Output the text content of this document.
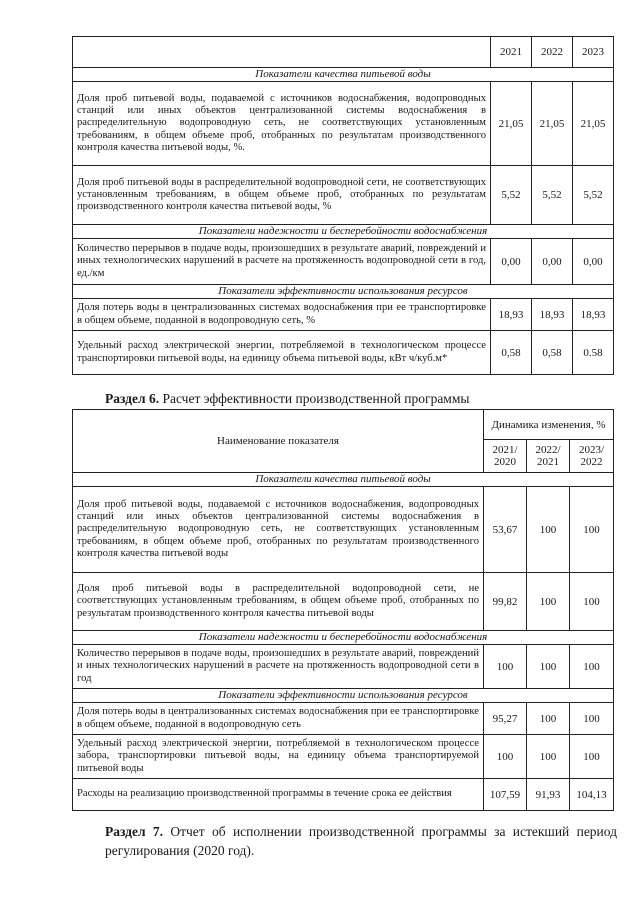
	2021	2022	2023
Показатели качества питьевой воды			
Доля проб питьевой воды, подаваемой с источников водоснабжения, водопроводных станций или иных объектов централизованной системы водоснабжения в распределительную водопроводную сеть, не соответствующих установленным требованиям, в общем объеме проб, отобранных по результатам производственного контроля качества питьевой воды, %.	21,05	21,05	21,05
Доля проб питьевой воды в распределительной водопроводной сети, не соответствующих установленным требованиям, в общем объеме проб, отобранных по результатам производственного контроля качества питьевой воды, %	5,52	5,52	5,52
Показатели надежности и бесперебойности водоснабжения			
Количество перерывов в подаче воды, произошедших в результате аварий, повреждений и иных технологических нарушений в расчете на протяженность водопроводной сети в год, ед./км	0,00	0,00	0,00
Показатели эффективности использования ресурсов			
Доля потерь воды в централизованных системах водоснабжения при ее транспортировке в общем объеме, поданной в водопроводную сеть, %	18,93	18,93	18,93
Удельный расход электрической энергии, потребляемой в технологическом процессе транспортировки питьевой воды, на единицу объема питьевой воды, кВт ч/куб.м*	0,58	0,58	0.58
Раздел 6. Расчет эффективности производственной программы
Наименование показателя	Динамика изменения, %		
	2021/ 2020	2022/ 2021	2023/ 2022
Показатели качества питьевой воды			
Доля проб питьевой воды, подаваемой с источников водоснабжения, водопроводных станций или иных объектов централизованной системы водоснабжения в распределительную водопроводную сеть, не соответствующих установленным требованиям, в общем объеме проб, отобранных по результатам производственного контроля качества питьевой воды	53,67	100	100
Доля проб питьевой воды в распределительной водопроводной сети, не соответствующих установленным требованиям, в общем объеме проб, отобранных по результатам производственного контроля качества питьевой воды	99,82	100	100
Показатели надежности и бесперебойности водоснабжения			
Количество перерывов в подаче воды, произошедших в результате аварий, повреждений и иных технологических нарушений в расчете на протяженность водопроводной сети в год	100	100	100
Показатели эффективности использования ресурсов			
Доля потерь воды в централизованных системах водоснабжения при ее транспортировке в общем объеме, поданной в водопроводную сеть	95,27	100	100
Удельный расход электрической энергии, потребляемой в технологическом процессе забора, транспортировки питьевой воды, на единицу объема транспортируемой питьевой воды	100	100	100
Расходы на реализацию производственной программы в течение срока ее действия	107,59	91,93	104,13
Раздел 7. Отчет об исполнении производственной программы за истекший период регулирования (2020 год).
